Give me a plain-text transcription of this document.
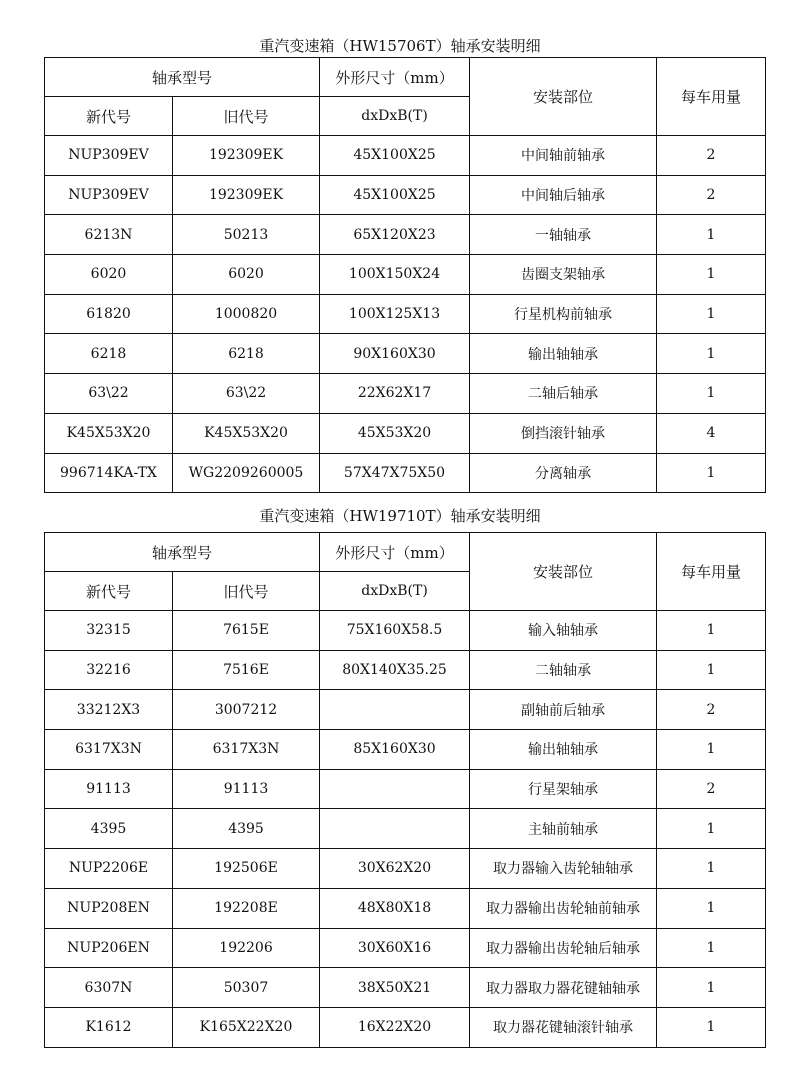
重汽变速箱（HW15706T）轴承安装明细
轴承型号		外形尺寸（mm）	安装部位	每车用量
新代号	旧代号	dxDxB(T)		
NUP309EV	192309EK	45X100X25	中间轴前轴承	2
NUP309EV	192309EK	45X100X25	中间轴后轴承	2
6213N	50213	65X120X23	一轴轴承	1
6020	6020	100X150X24	齿圈支架轴承	1
61820	1000820	100X125X13	行星机构前轴承	1
6218	6218	90X160X30	输出轴轴承	1
63\22	63\22	22X62X17	二轴后轴承	1
K45X53X20	K45X53X20	45X53X20	倒挡滚针轴承	4
996714KA-TX	WG2209260005	57X47X75X50	分离轴承	1
重汽变速箱（HW19710T）轴承安装明细
轴承型号		外形尺寸（mm）	安装部位	每车用量
新代号	旧代号	dxDxB(T)		
32315	7615E	75X160X58.5	输入轴轴承	1
32216	7516E	80X140X35.25	二轴轴承	1
33212X3	3007212		副轴前后轴承	2
6317X3N	6317X3N	85X160X30	输出轴轴承	1
91113	91113		行星架轴承	2
4395	4395		主轴前轴承	1
NUP2206E	192506E	30X62X20	取力器输入齿轮轴轴承	1
NUP208EN	192208E	48X80X18	取力器输出齿轮轴前轴承	1
NUP206EN	192206	30X60X16	取力器输出齿轮轴后轴承	1
6307N	50307	38X50X21	取力器取力器花键轴轴承	1
K1612	K165X22X20	16X22X20	取力器花键轴滚针轴承	1
